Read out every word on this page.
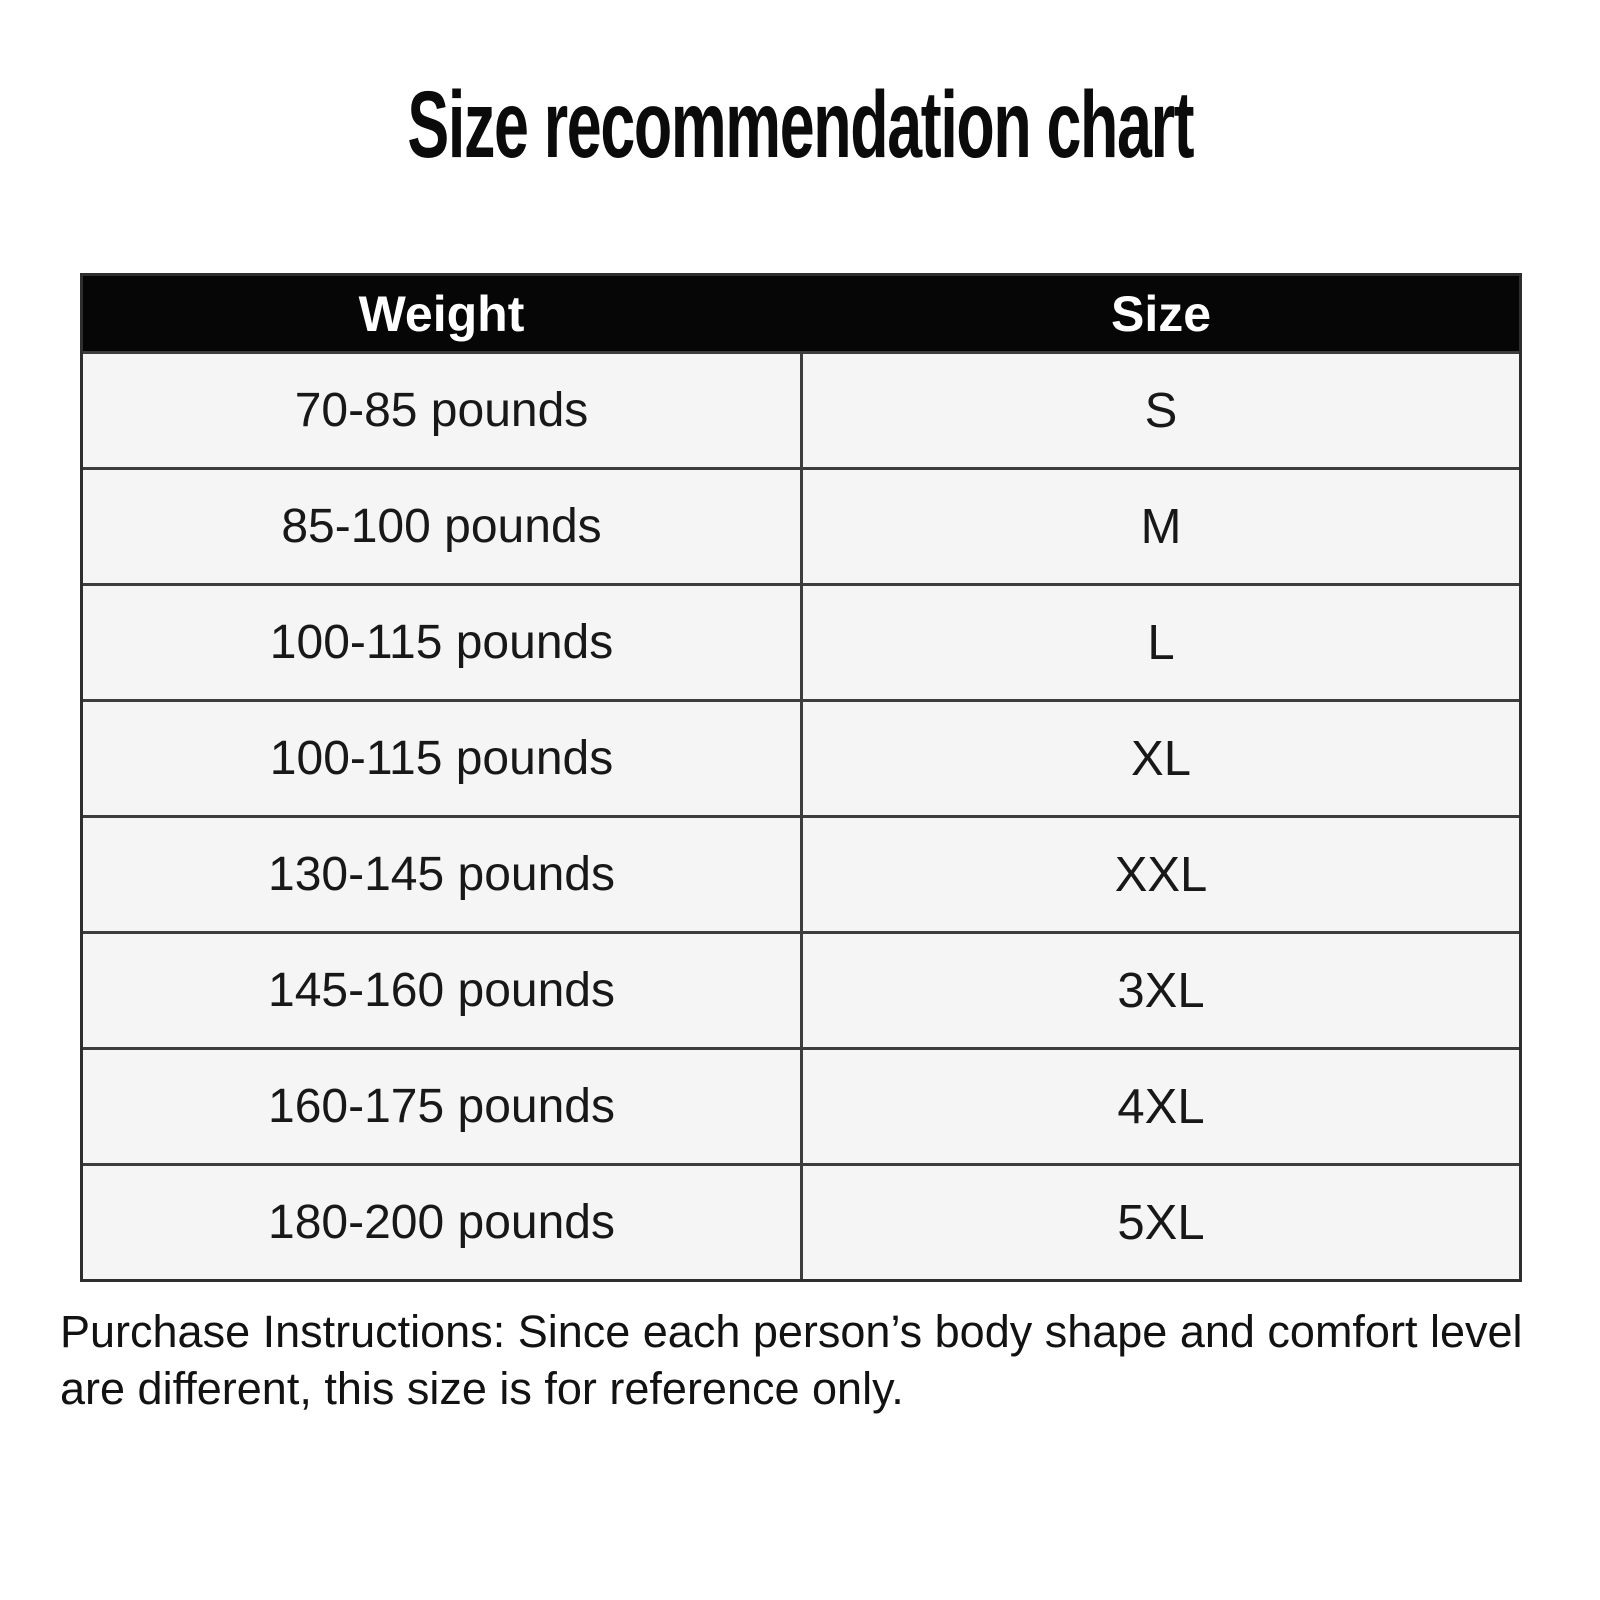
Size recommendation chart
Weight	Size
70-85 pounds	S
85-100 pounds	M
100-115 pounds	L
100-115 pounds	XL
130-145 pounds	XXL
145-160 pounds	3XL
160-175 pounds	4XL
180-200 pounds	5XL
Purchase Instructions: Since each person’s body shape and comfort level are different, this size is for reference only.
